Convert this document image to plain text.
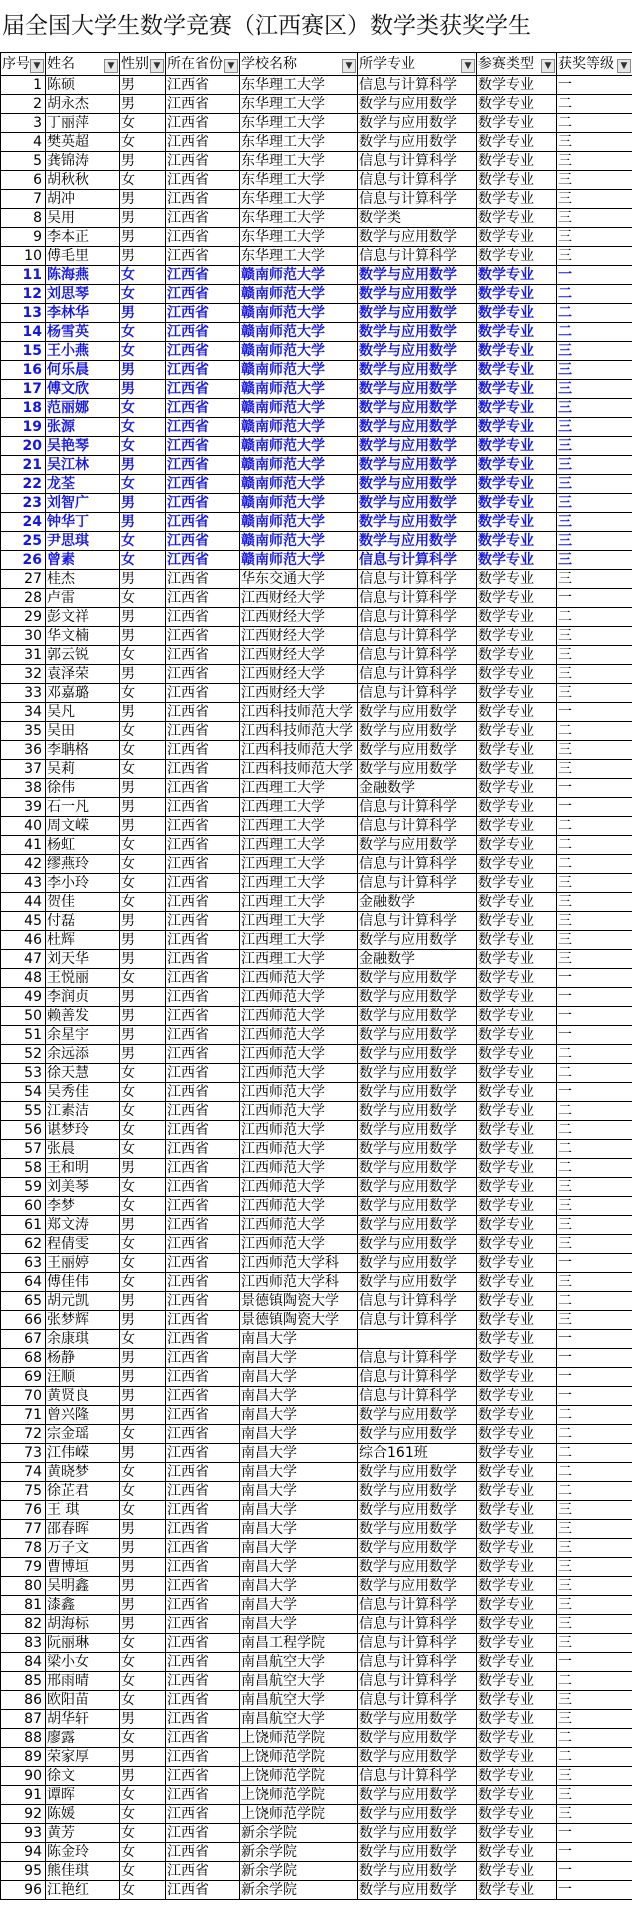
届全国大学生数学竞赛（江西赛区）数学类获奖学生
序号 ▼	姓名 ▼	性别 ▼	所在省份 ▼	学校名称 ▼	所学专业 ▼	参赛类型 ▼	获奖等级 ▼

1	陈硕	男	江西省	东华理工大学	信息与计算科学	数学专业	一
2	胡永杰	男	江西省	东华理工大学	数学与应用数学	数学专业	二
3	丁丽萍	女	江西省	东华理工大学	数学与应用数学	数学专业	二
4	樊英超	女	江西省	东华理工大学	数学与应用数学	数学专业	三
5	龚锦涛	男	江西省	东华理工大学	信息与计算科学	数学专业	三
6	胡秋秋	女	江西省	东华理工大学	信息与计算科学	数学专业	三
7	胡冲	男	江西省	东华理工大学	信息与计算科学	数学专业	三
8	吴用	男	江西省	东华理工大学	数学类	数学专业	三
9	李本正	男	江西省	东华理工大学	数学与应用数学	数学专业	三
10	傅毛里	男	江西省	东华理工大学	信息与计算科学	数学专业	三
11	陈海燕	女	江西省	赣南师范大学	数学与应用数学	数学专业	一
12	刘思琴	女	江西省	赣南师范大学	数学与应用数学	数学专业	二
13	李林华	男	江西省	赣南师范大学	数学与应用数学	数学专业	二
14	杨雪英	女	江西省	赣南师范大学	数学与应用数学	数学专业	二
15	王小燕	女	江西省	赣南师范大学	数学与应用数学	数学专业	三
16	何乐晨	男	江西省	赣南师范大学	数学与应用数学	数学专业	三
17	傅文欣	男	江西省	赣南师范大学	数学与应用数学	数学专业	三
18	范丽娜	女	江西省	赣南师范大学	数学与应用数学	数学专业	三
19	张源	女	江西省	赣南师范大学	数学与应用数学	数学专业	三
20	吴艳琴	女	江西省	赣南师范大学	数学与应用数学	数学专业	三
21	吴江林	男	江西省	赣南师范大学	数学与应用数学	数学专业	三
22	龙荃	女	江西省	赣南师范大学	数学与应用数学	数学专业	三
23	刘智广	男	江西省	赣南师范大学	数学与应用数学	数学专业	三
24	钟华丁	男	江西省	赣南师范大学	数学与应用数学	数学专业	三
25	尹思琪	女	江西省	赣南师范大学	数学与应用数学	数学专业	三
26	曾素	女	江西省	赣南师范大学	信息与计算科学	数学专业	三
27	桂杰	男	江西省	华东交通大学	信息与计算科学	数学专业	三
28	卢雷	女	江西省	江西财经大学	信息与计算科学	数学专业	一
29	彭文祥	男	江西省	江西财经大学	信息与计算科学	数学专业	二
30	华文楠	男	江西省	江西财经大学	信息与计算科学	数学专业	三
31	郭云锐	女	江西省	江西财经大学	信息与计算科学	数学专业	三
32	袁泽荣	男	江西省	江西财经大学	信息与计算科学	数学专业	三
33	邓嘉璐	女	江西省	江西财经大学	信息与计算科学	数学专业	三
34	吴凡	男	江西省	江西科技师范大学	数学与应用数学	数学专业	一
35	吴田	女	江西省	江西科技师范大学	数学与应用数学	数学专业	二
36	李聃格	女	江西省	江西科技师范大学	数学与应用数学	数学专业	三
37	吴莉	女	江西省	江西科技师范大学	数学与应用数学	数学专业	三
38	徐伟	男	江西省	江西理工大学	金融数学	数学专业	一
39	石一凡	男	江西省	江西理工大学	信息与计算科学	数学专业	一
40	周文嵘	男	江西省	江西理工大学	信息与计算科学	数学专业	二
41	杨虹	女	江西省	江西理工大学	数学与应用数学	数学专业	二
42	缪燕玲	女	江西省	江西理工大学	信息与计算科学	数学专业	二
43	李小玲	女	江西省	江西理工大学	信息与计算科学	数学专业	三
44	贺佳	女	江西省	江西理工大学	金融数学	数学专业	三
45	付磊	男	江西省	江西理工大学	信息与计算科学	数学专业	三
46	杜辉	男	江西省	江西理工大学	数学与应用数学	数学专业	三
47	刘天华	男	江西省	江西理工大学	金融数学	数学专业	三
48	王悦丽	女	江西省	江西师范大学	数学与应用数学	数学专业	一
49	李润贞	男	江西省	江西师范大学	数学与应用数学	数学专业	一
50	赖善发	男	江西省	江西师范大学	数学与应用数学	数学专业	一
51	余星宇	男	江西省	江西师范大学	数学与应用数学	数学专业	一
52	余远添	男	江西省	江西师范大学	数学与应用数学	数学专业	二
53	徐天慧	女	江西省	江西师范大学	数学与应用数学	数学专业	二
54	吴秀佳	女	江西省	江西师范大学	数学与应用数学	数学专业	一
55	江素洁	女	江西省	江西师范大学	数学与应用数学	数学专业	二
56	谌梦玲	女	江西省	江西师范大学	数学与应用数学	数学专业	二
57	张晨	女	江西省	江西师范大学	数学与应用数学	数学专业	二
58	王和明	男	江西省	江西师范大学	数学与应用数学	数学专业	二
59	刘美琴	女	江西省	江西师范大学	数学与应用数学	数学专业	三
60	李梦	女	江西省	江西师范大学	数学与应用数学	数学专业	三
61	郑文涛	男	江西省	江西师范大学	数学与应用数学	数学专业	三
62	程倩雯	女	江西省	江西师范大学	数学与应用数学	数学专业	三
63	王丽婷	女	江西省	江西师范大学科	数学与应用数学	数学专业	一
64	傅佳伟	女	江西省	江西师范大学科	数学与应用数学	数学专业	三
65	胡元凯	男	江西省	景德镇陶瓷大学	信息与计算科学	数学专业	二
66	张梦辉	男	江西省	景德镇陶瓷大学	信息与计算科学	数学专业	三
67	余康琪	女	江西省	南昌大学		数学专业	一
68	杨静	男	江西省	南昌大学	信息与计算科学	数学专业	一
69	汪顺	男	江西省	南昌大学	信息与计算科学	数学专业	一
70	黄贤良	男	江西省	南昌大学	信息与计算科学	数学专业	一
71	曾兴隆	男	江西省	南昌大学	数学与应用数学	数学专业	二
72	宗金瑶	女	江西省	南昌大学	数学与应用数学	数学专业	二
73	江伟嵘	男	江西省	南昌大学	综合161班	数学专业	二
74	黄晓梦	女	江西省	南昌大学	数学与应用数学	数学专业	二
75	徐芷君	女	江西省	南昌大学	数学与应用数学	数学专业	二
76	王 琪	女	江西省	南昌大学	数学与应用数学	数学专业	三
77	邵春晖	男	江西省	南昌大学	数学与应用数学	数学专业	三
78	万子文	男	江西省	南昌大学	数学与应用数学	数学专业	三
79	曹博垣	男	江西省	南昌大学	数学与应用数学	数学专业	三
80	吴明鑫	男	江西省	南昌大学	数学与应用数学	数学专业	三
81	漆鑫	男	江西省	南昌大学	信息与计算科学	数学专业	三
82	胡海标	男	江西省	南昌大学	信息与计算科学	数学专业	三
83	阮丽琳	女	江西省	南昌工程学院	信息与计算科学	数学专业	三
84	梁小女	女	江西省	南昌航空大学	信息与计算科学	数学专业	一
85	邢雨晴	女	江西省	南昌航空大学	信息与计算科学	数学专业	二
86	欧阳苗	女	江西省	南昌航空大学	信息与计算科学	数学专业	三
87	胡华轩	男	江西省	南昌航空大学	数学与应用数学	数学专业	三
88	廖露	女	江西省	上饶师范学院	数学与应用数学	数学专业	二
89	荣家厚	男	江西省	上饶师范学院	数学与应用数学	数学专业	二
90	徐文	男	江西省	上饶师范学院	信息与计算科学	数学专业	三
91	谭晖	女	江西省	上饶师范学院	数学与应用数学	数学专业	三
92	陈媛	女	江西省	上饶师范学院	数学与应用数学	数学专业	三
93	黄芳	女	江西省	新余学院	数学与应用数学	数学专业	一
94	陈金玲	女	江西省	新余学院	数学与应用数学	数学专业	一
95	熊佳琪	女	江西省	新余学院	数学与应用数学	数学专业	一
96	江艳红	女	江西省	新余学院	数学与应用数学	数学专业	一
